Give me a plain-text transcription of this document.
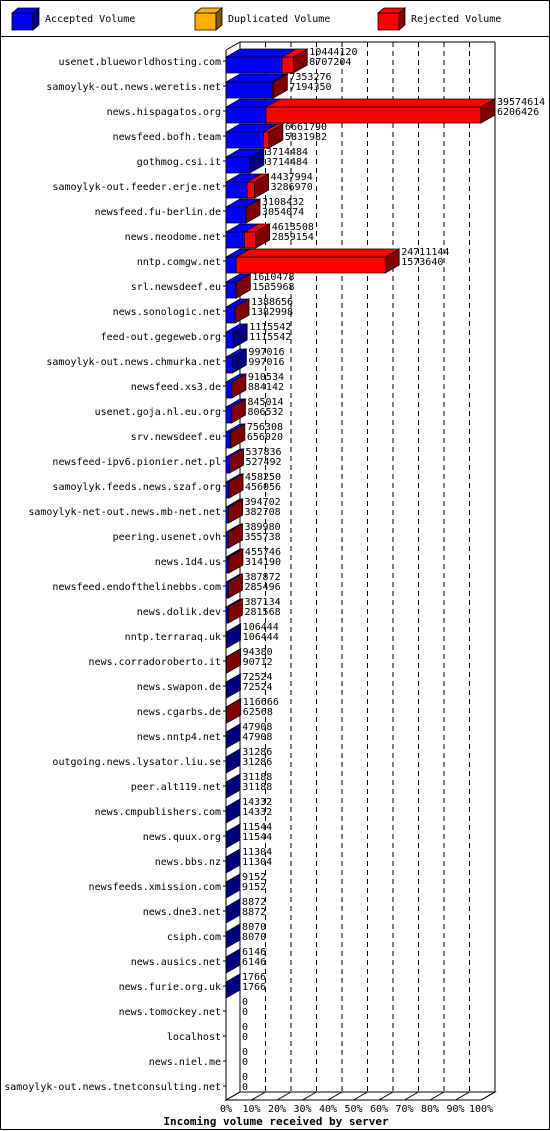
Accepted Volume	Duplicated Volume	Rejected Volume
0% 10% 20% 30% 40% 50% 60% 70% 80% 90% 100%
Incoming volume received by server
usenet.blueworldhosting.com
10444120
8707204
samoylyk-out.news.weretis.net
7353276
7194350
news.hispagatos.org
39574614
6206426
newsfeed.bofh.team
6661790
5831982
gothmog.csi.it
3714484
3714484
samoylyk-out.feeder.erje.net
4437994
3286970
newsfeed.fu-berlin.de
3108432
3054074
news.neodome.net
4613508
2859154
nntp.comgw.net
24711144
1573640
srl.newsdeef.eu
1610478
1535968
news.sonologic.net
1388656
1382998
feed-out.gegeweb.org
1115542
1115542
samoylyk-out.news.chmurka.net
997016
997016
newsfeed.xs3.de
910534
884142
usenet.goja.nl.eu.org
845014
806532
srv.newsdeef.eu
756308
656020
newsfeed-ipv6.pionier.net.pl
537836
527492
samoylyk.feeds.news.szaf.org
458250
456056
samoylyk-net-out.news.mb-net.net
394702
382708
peering.usenet.ovh
389980
355738
news.1d4.us
455746
314190
newsfeed.endofthelinebbs.com
387872
285496
news.dolik.dev
387134
281568
nntp.terraraq.uk
106444
106444
news.corradoroberto.it
94380
90712
news.swapon.de
72524
72524
news.cgarbs.de
116666
62568
news.nntp4.net
47908
47908
outgoing.news.lysator.liu.se
31286
31286
peer.alt119.net
31188
31188
news.cmpublishers.com
14332
14332
news.quux.org
11544
11544
news.bbs.nz
11304
11304
newsfeeds.xmission.com
9152
9152
news.dne3.net
8872
8872
csiph.com
8070
8070
news.ausics.net
6146
6146
news.furie.org.uk
1766
1766
news.tomockey.net
0
0
localhost
0
0
news.niel.me
0
0
samoylyk-out.news.tnetconsulting.net
0
0
